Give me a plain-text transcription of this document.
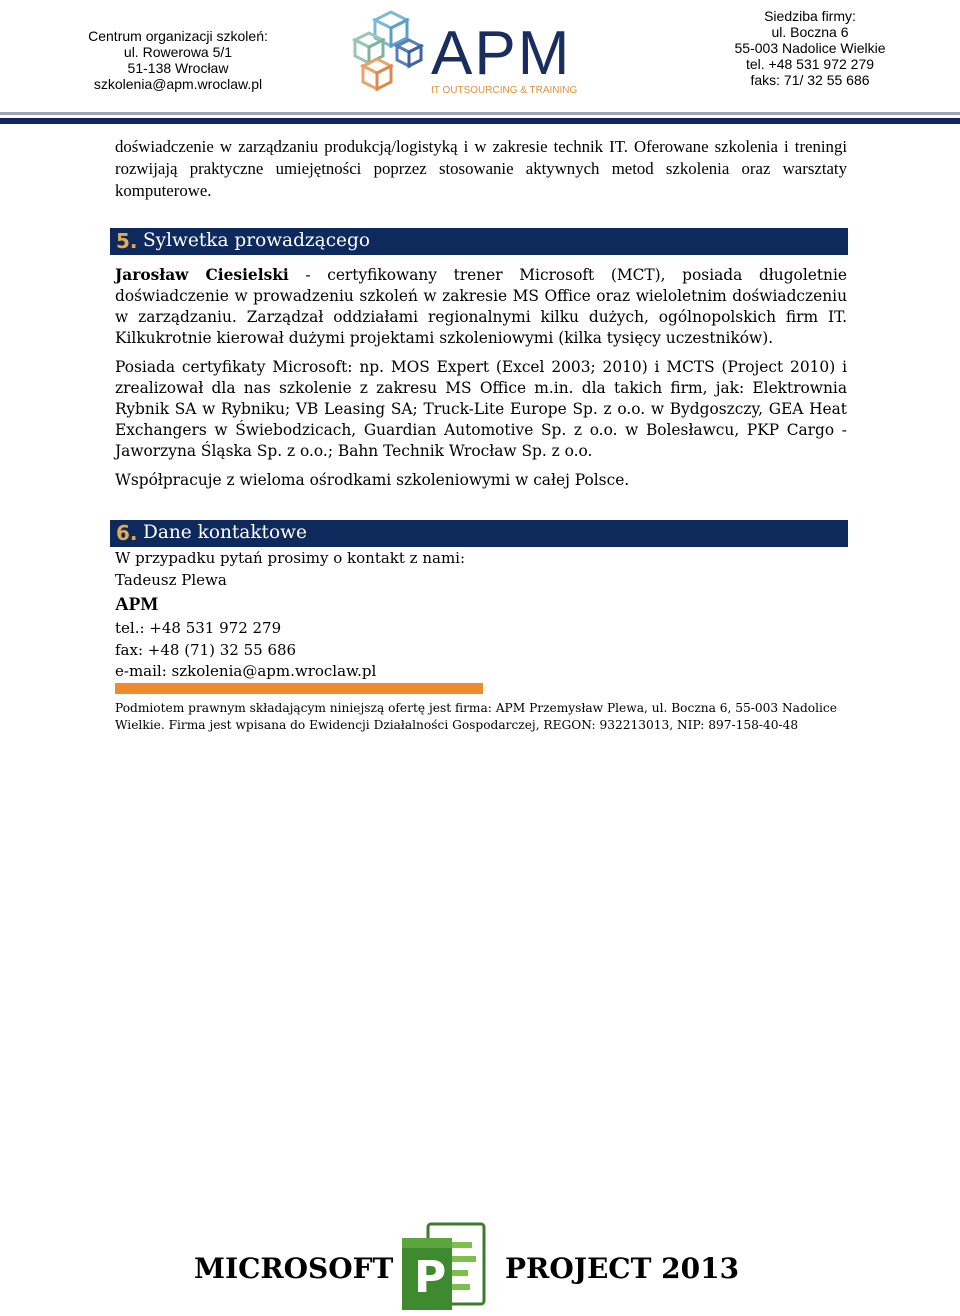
Centrum organizacji szkoleń:
ul. Rowerowa 5/1
51-138 Wrocław
szkolenia@apm.wroclaw.pl	APM
IT OUTSOURCING & TRAINING
Siedziba firmy:
ul. Boczna 6
55-003 Nadolice Wielkie
tel. +48 531 972 279
faks: 71/ 32 55 686

doświadczenie w zarządzaniu produkcją/logistyką i w zakresie technik IT. Oferowane szkolenia i treningi rozwijają praktyczne umiejętności poprzez stosowanie aktywnych metod szkolenia oraz warsztaty komputerowe.

5. Sylwetka prowadzącego

Jarosław Ciesielski - certyfikowany trener Microsoft (MCT), posiada długoletnie doświadczenie w prowadzeniu szkoleń w zakresie MS Office oraz wieloletnim doświadczeniu w zarządzaniu. Zarządzał oddziałami regionalnymi kilku dużych, ogólnopolskich firm IT. Kilkukrotnie kierował dużymi projektami szkoleniowymi (kilka tysięcy uczestników).

Posiada certyfikaty Microsoft: np. MOS Expert (Excel 2003; 2010) i MCTS (Project 2010) i zrealizował dla nas szkolenie z zakresu MS Office m.in. dla takich firm, jak: Elektrownia Rybnik SA w Rybniku; VB Leasing SA; Truck-Lite Europe Sp. z o.o. w Bydgoszczy, GEA Heat Exchangers w Świebodzicach, Guardian Automotive Sp. z o.o. w Bolesławcu, PKP Cargo - Jaworzyna Śląska Sp. z o.o.; Bahn Technik Wrocław Sp. z o.o.

Współpracuje z wieloma ośrodkami szkoleniowymi w całej Polsce.

6. Dane kontaktowe
W przypadku pytań prosimy o kontakt z nami:
Tadeusz Plewa
APM
tel.: +48 531 972 279
fax: +48 (71) 32 55 686
e-mail: szkolenia@apm.wroclaw.pl
Podmiotem prawnym składającym niniejszą ofertę jest firma: APM Przemysław Plewa, ul. Boczna 6, 55-003 Nadolice Wielkie. Firma jest wpisana do Ewidencji Działalności Gospodarczej, REGON: 932213013, NIP: 897-158-40-48
MICROSOFT P PROJECT 2013
